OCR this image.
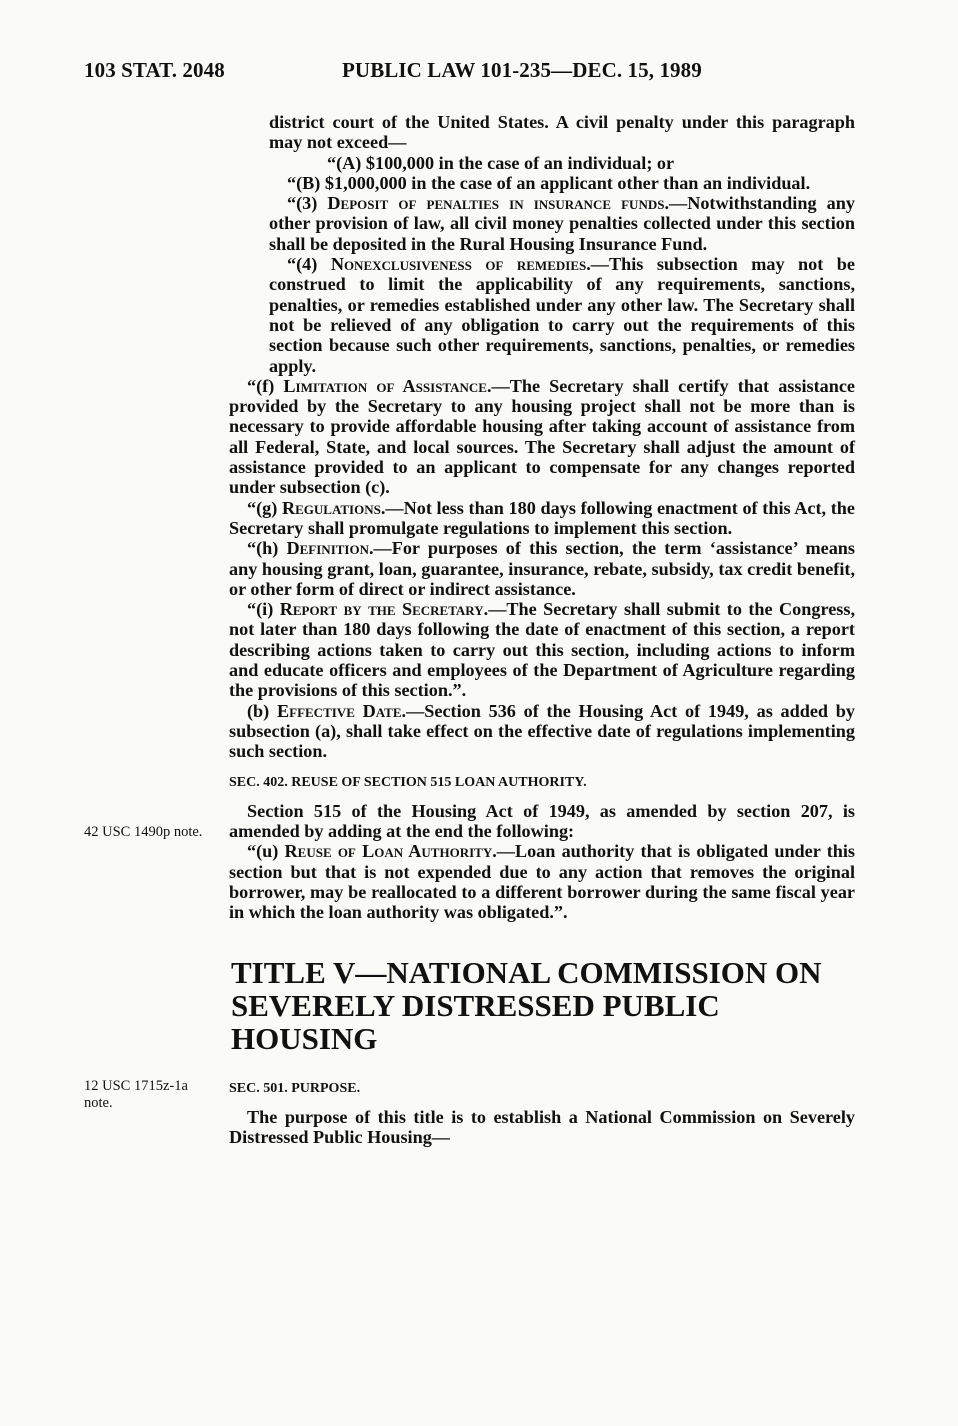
103 STAT. 2048	PUBLIC LAW 101-235—DEC. 15, 1989
42 USC 1490p note.
12 USC 1715z-1a note.

district court of the United States. A civil penalty under this paragraph may not exceed—

“(A) $100,000 in the case of an individual; or

“(B) $1,000,000 in the case of an applicant other than an individual.

“(3) Deposit of penalties in insurance funds.—Notwithstanding any other provision of law, all civil money penalties collected under this section shall be deposited in the Rural Housing Insurance Fund.

“(4) Nonexclusiveness of remedies.—This subsection may not be construed to limit the applicability of any requirements, sanctions, penalties, or remedies established under any other law. The Secretary shall not be relieved of any obligation to carry out the requirements of this section because such other requirements, sanctions, penalties, or remedies apply.

“(f) Limitation of Assistance.—The Secretary shall certify that assistance provided by the Secretary to any housing project shall not be more than is necessary to provide affordable housing after taking account of assistance from all Federal, State, and local sources. The Secretary shall adjust the amount of assistance provided to an applicant to compensate for any changes reported under subsection (c).

“(g) Regulations.—Not less than 180 days following enactment of this Act, the Secretary shall promulgate regulations to implement this section.

“(h) Definition.—For purposes of this section, the term ‘assistance’ means any housing grant, loan, guarantee, insurance, rebate, subsidy, tax credit benefit, or other form of direct or indirect assistance.

“(i) Report by the Secretary.—The Secretary shall submit to the Congress, not later than 180 days following the date of enactment of this section, a report describing actions taken to carry out this section, including actions to inform and educate officers and employees of the Department of Agriculture regarding the provisions of this section.”.

(b) Effective Date.—Section 536 of the Housing Act of 1949, as added by subsection (a), shall take effect on the effective date of regulations implementing such section.

SEC. 402. REUSE OF SECTION 515 LOAN AUTHORITY.

Section 515 of the Housing Act of 1949, as amended by section 207, is amended by adding at the end the following:

“(u) Reuse of Loan Authority.—Loan authority that is obligated under this section but that is not expended due to any action that removes the original borrower, may be reallocated to a different borrower during the same fiscal year in which the loan authority was obligated.”.

TITLE V—NATIONAL COMMISSION ON SEVERELY DISTRESSED PUBLIC HOUSING

SEC. 501. PURPOSE.

The purpose of this title is to establish a National Commission on Severely Distressed Public Housing—
